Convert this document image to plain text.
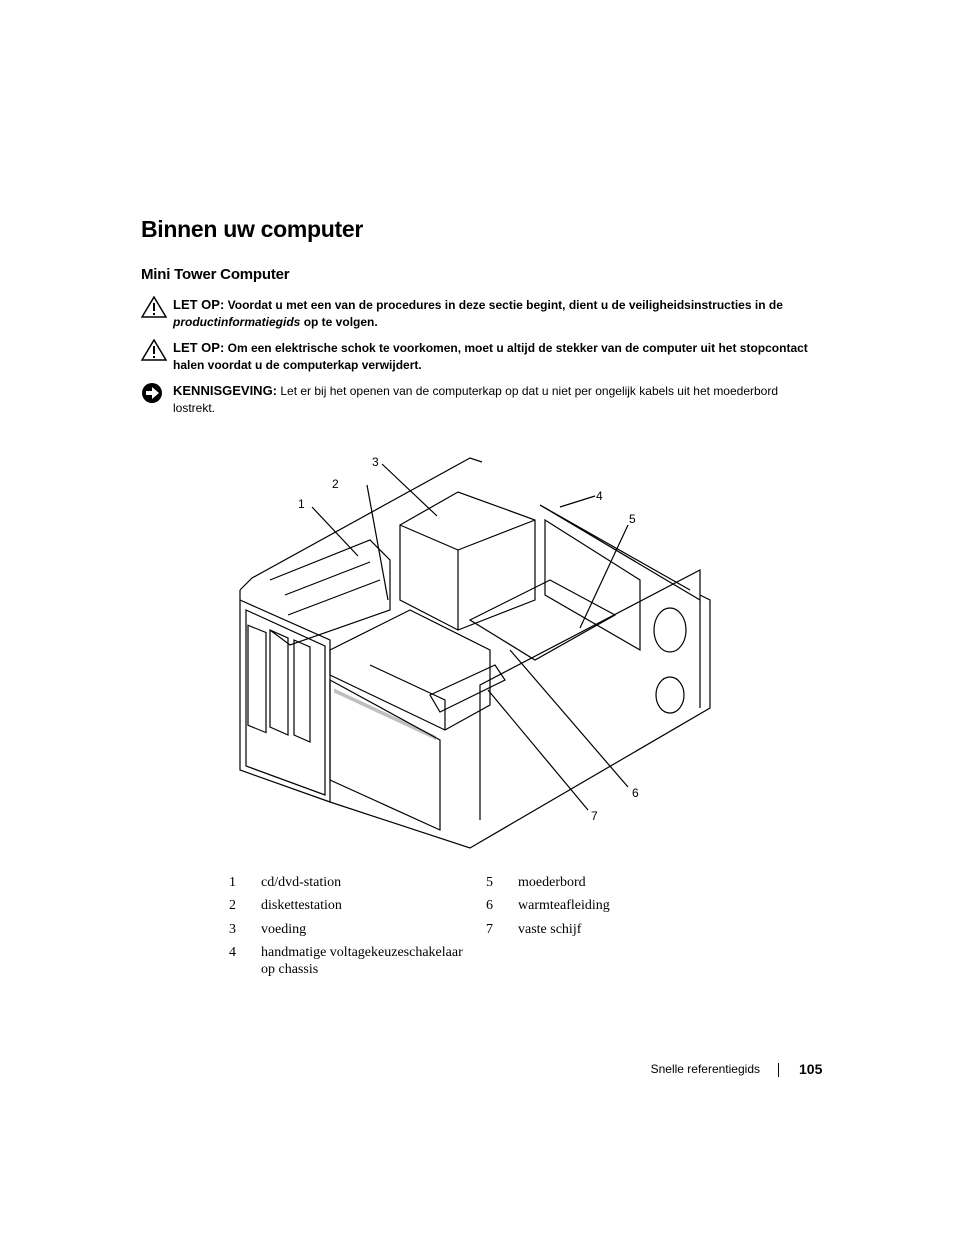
Binnen uw computer
Mini Tower Computer
LET OP: Voordat u met een van de procedures in deze sectie begint, dient u de veiligheidsinstructies in de
productinformatiegids op te volgen.
LET OP: Om een elektrische schok te voorkomen, moet u altijd de stekker van de computer uit het stopcontact
halen voordat u de computerkap verwijdert.
KENNISGEVING: Let er bij het openen van de computerkap op dat u niet per ongelijk kabels uit het moederbord
lostrekt.
1
2
3
4
5
6
7
1	cd/dvd-station
2	diskettestation
3	voeding
4	handmatige voltagekeuzeschakelaar op chassis
5	moederbord
6	warmteafleiding
7	vaste schijf
Snelle referentiegids	105
